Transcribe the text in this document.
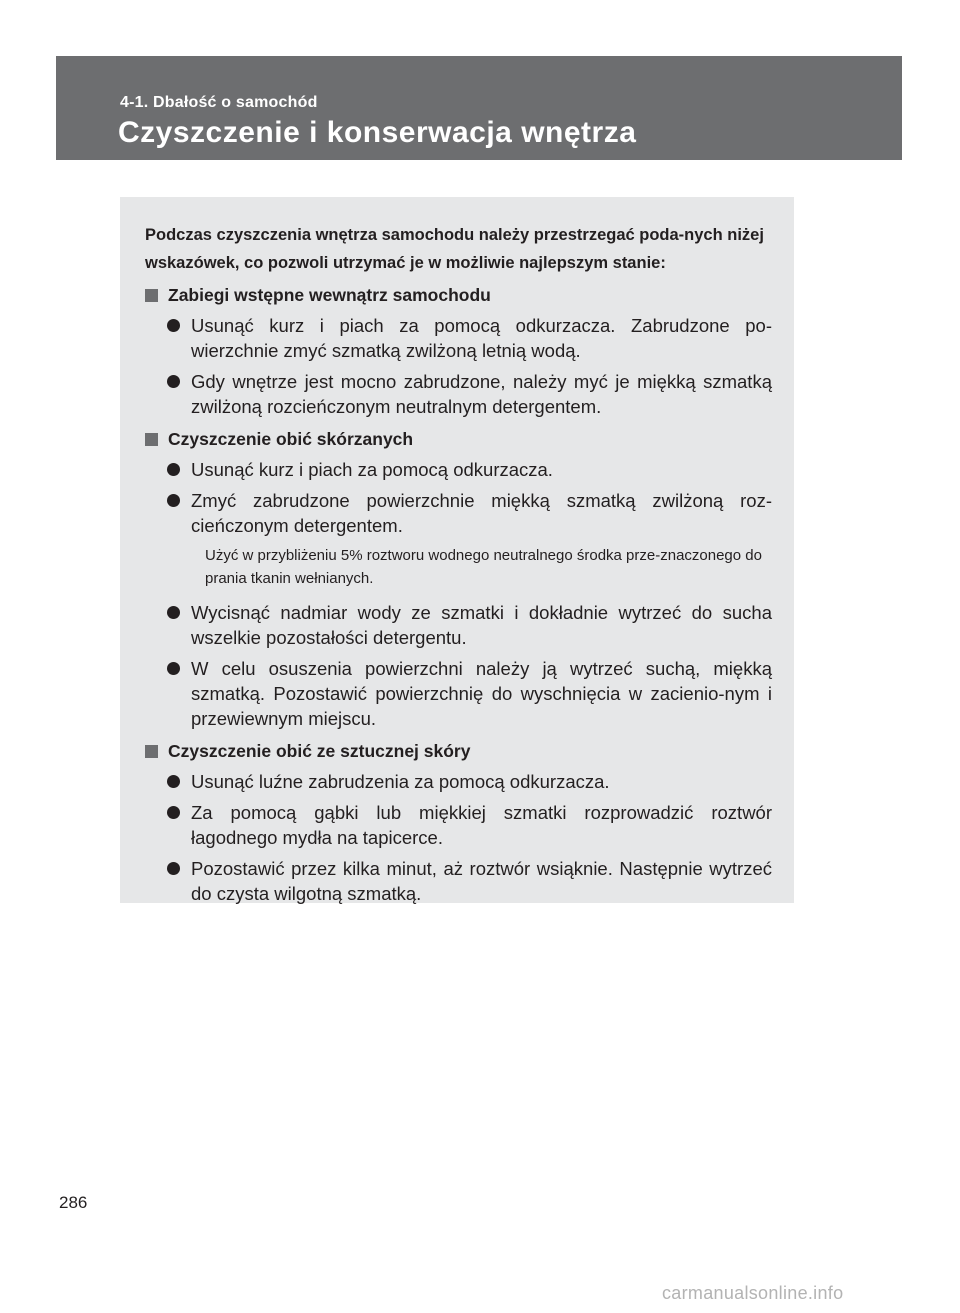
4-1. Dbałość o samochód
Czyszczenie i konserwacja wnętrza

Podczas czyszczenia wnętrza samochodu należy przestrzegać poda-nych niżej wskazówek, co pozwoli utrzymać je w możliwie najlepszym stanie:

Zabiegi wstępne wewnątrz samochodu
Usunąć kurz i piach za pomocą odkurzacza. Zabrudzone po-wierzchnie zmyć szmatką zwilżoną letnią wodą.
Gdy wnętrze jest mocno zabrudzone, należy myć je miękką szmatką zwilżoną rozcieńczonym neutralnym detergentem.
Czyszczenie obić skórzanych
Usunąć kurz i piach za pomocą odkurzacza.
Zmyć zabrudzone powierzchnie miękką szmatką zwilżoną roz-cieńczonym detergentem.

Użyć w przybliżeniu 5% roztworu wodnego neutralnego środka prze-znaczonego do prania tkanin wełnianych.

Wycisnąć nadmiar wody ze szmatki i dokładnie wytrzeć do sucha wszelkie pozostałości detergentu.
W celu osuszenia powierzchni należy ją wytrzeć suchą, miękką szmatką. Pozostawić powierzchnię do wyschnięcia w zacienio-nym i przewiewnym miejscu.
Czyszczenie obić ze sztucznej skóry
Usunąć luźne zabrudzenia za pomocą odkurzacza.
Za pomocą gąbki lub miękkiej szmatki rozprowadzić roztwór łagodnego mydła na tapicerce.
Pozostawić przez kilka minut, aż roztwór wsiąknie. Następnie wytrzeć do czysta wilgotną szmatką.
286
carmanualsonline.info
